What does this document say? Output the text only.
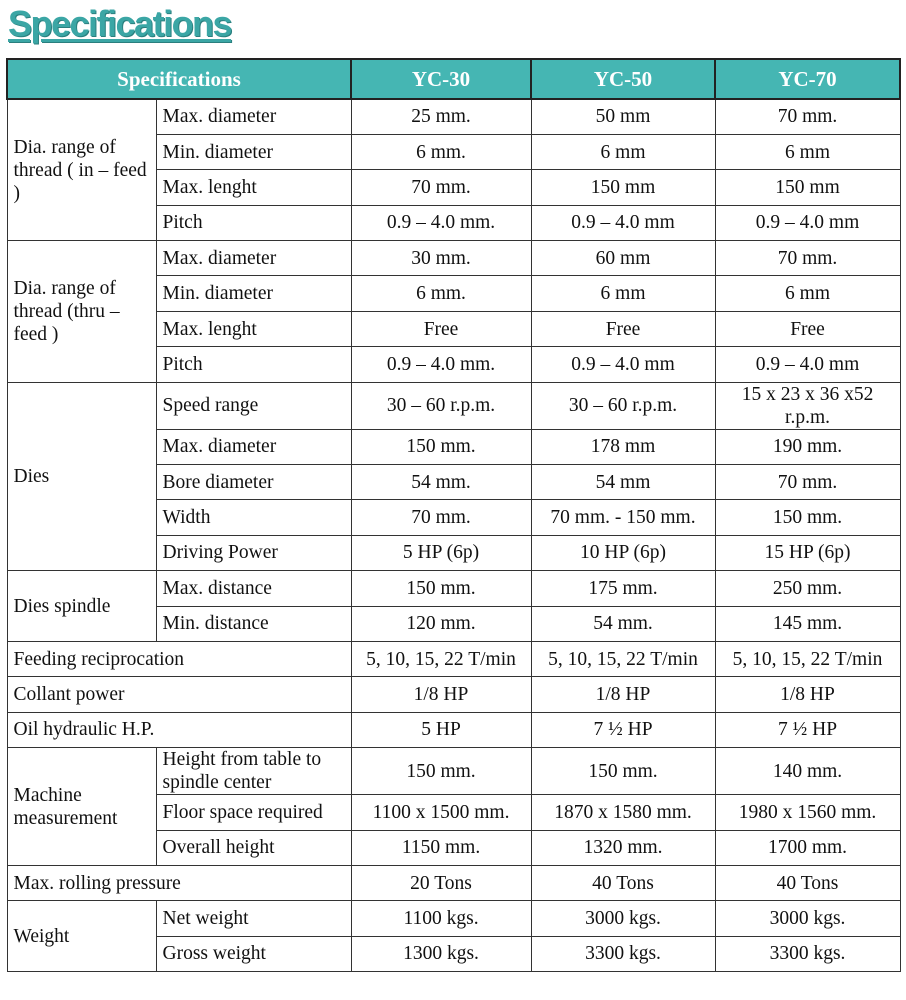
Specifications
Specifications		YC-30	YC-50	YC-70
Dia. range of thread ( in – feed )	Max. diameter	25 mm.	50 mm	70 mm.
	Min. diameter	6 mm.	6 mm	6 mm
	Max. lenght	70 mm.	150 mm	150 mm
	Pitch	0.9 – 4.0 mm.	0.9 – 4.0 mm	0.9 – 4.0 mm
Dia. range of thread (thru – feed )	Max. diameter	30 mm.	60 mm	70 mm.
	Min. diameter	6 mm.	6 mm	6 mm
	Max. lenght	Free	Free	Free
	Pitch	0.9 – 4.0 mm.	0.9 – 4.0 mm	0.9 – 4.0 mm
Dies	Speed range	30 – 60 r.p.m.	30 – 60 r.p.m.	15 x 23 x 36 x52 r.p.m.
	Max. diameter	150 mm.	178 mm	190 mm.
	Bore diameter	54 mm.	54 mm	70 mm.
	Width	70 mm.	70 mm. - 150 mm.	150 mm.
	Driving Power	5 HP (6p)	10 HP (6p)	15 HP (6p)
Dies spindle	Max. distance	150 mm.	175 mm.	250 mm.
	Min. distance	120 mm.	54 mm.	145 mm.
Feeding reciprocation		5, 10, 15, 22 T/min	5, 10, 15, 22 T/min	5, 10, 15, 22 T/min
Collant power		1/8 HP	1/8 HP	1/8 HP
Oil hydraulic H.P.		5 HP	7 ½ HP	7 ½ HP
Machine measurement	Height from table to spindle center	150 mm.	150 mm.	140 mm.
	Floor space required	1100 x 1500 mm.	1870 x 1580 mm.	1980 x 1560 mm.
	Overall height	1150 mm.	1320 mm.	1700 mm.
Max. rolling pressure		20 Tons	40 Tons	40 Tons
Weight	Net weight	1100 kgs.	3000 kgs.	3000 kgs.
	Gross weight	1300 kgs.	3300 kgs.	3300 kgs.
